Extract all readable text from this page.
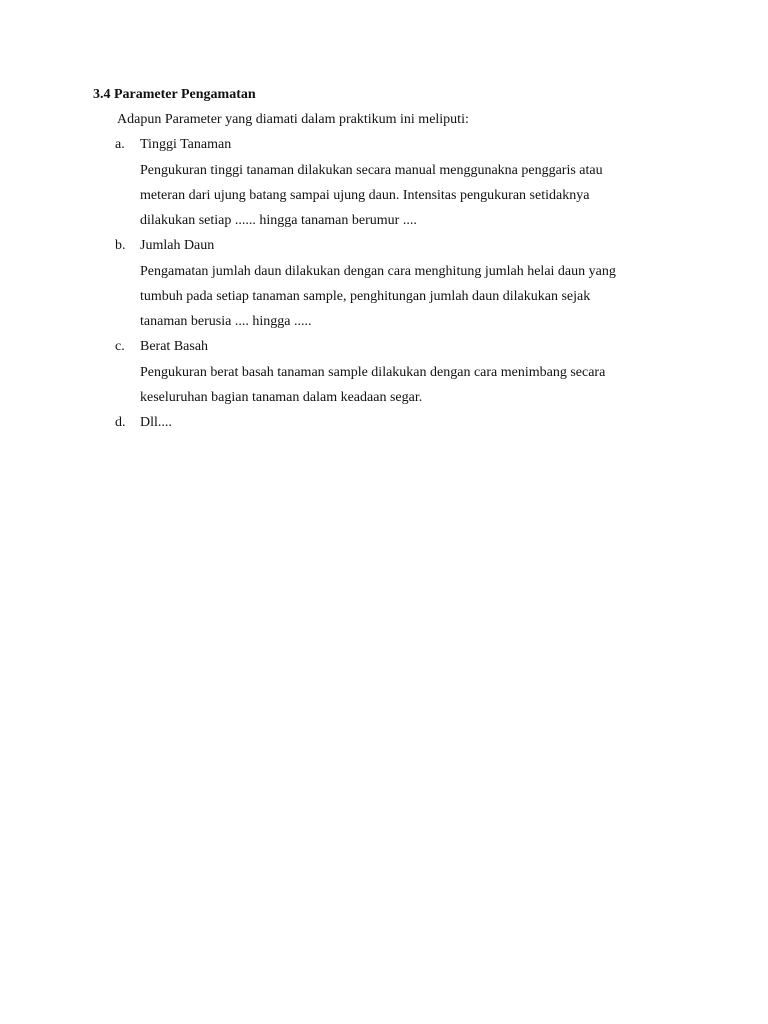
3.4 Parameter Pengamatan
Adapun Parameter yang diamati dalam praktikum ini meliputi:
a. Tinggi Tanaman
Pengukuran tinggi tanaman dilakukan secara manual menggunakna penggaris atau
meteran dari ujung batang sampai ujung daun. Intensitas pengukuran setidaknya
dilakukan setiap ...... hingga tanaman berumur ....
b. Jumlah Daun
Pengamatan jumlah daun dilakukan dengan cara menghitung jumlah helai daun yang
tumbuh pada setiap tanaman sample, penghitungan jumlah daun dilakukan sejak
tanaman berusia .... hingga .....
c. Berat Basah
Pengukuran berat basah tanaman sample dilakukan dengan cara menimbang secara
keseluruhan bagian tanaman dalam keadaan segar.
d. Dll....
